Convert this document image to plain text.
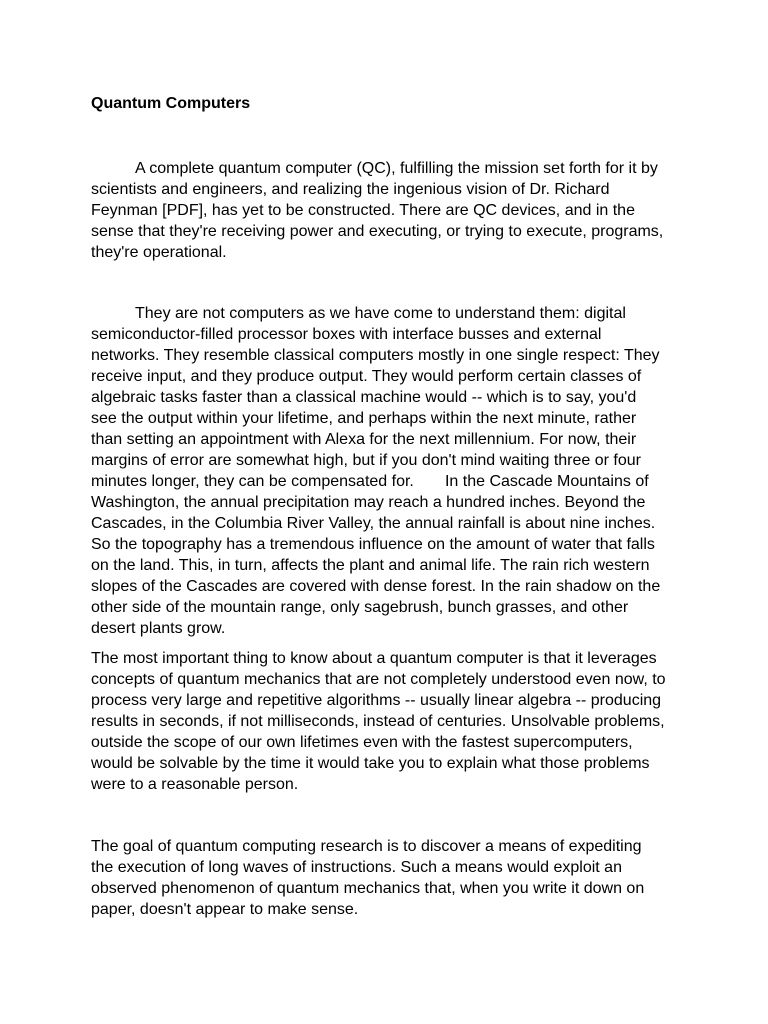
Quantum Computers

A complete quantum computer (QC), fulfilling the mission set forth for it by
scientists and engineers, and realizing the ingenious vision of Dr. Richard
Feynman [PDF], has yet to be constructed. There are QC devices, and in the
sense that they're receiving power and executing, or trying to execute, programs,
they're operational.

They are not computers as we have come to understand them: digital
semiconductor-filled processor boxes with interface busses and external
networks. They resemble classical computers mostly in one single respect: They
receive input, and they produce output. They would perform certain classes of
algebraic tasks faster than a classical machine would -- which is to say, you'd
see the output within your lifetime, and perhaps within the next minute, rather
than setting an appointment with Alexa for the next millennium. For now, their
margins of error are somewhat high, but if you don't mind waiting three or four
minutes longer, they can be compensated for.       In the Cascade Mountains of
Washington, the annual precipitation may reach a hundred inches. Beyond the
Cascades, in the Columbia River Valley, the annual rainfall is about nine inches.
So the topography has a tremendous influence on the amount of water that falls
on the land. This, in turn, affects the plant and animal life. The rain rich western
slopes of the Cascades are covered with dense forest. In the rain shadow on the
other side of the mountain range, only sagebrush, bunch grasses, and other
desert plants grow.

The most important thing to know about a quantum computer is that it leverages
concepts of quantum mechanics that are not completely understood even now, to
process very large and repetitive algorithms -- usually linear algebra -- producing
results in seconds, if not milliseconds, instead of centuries. Unsolvable problems,
outside the scope of our own lifetimes even with the fastest supercomputers,
would be solvable by the time it would take you to explain what those problems
were to a reasonable person.

The goal of quantum computing research is to discover a means of expediting
the execution of long waves of instructions. Such a means would exploit an
observed phenomenon of quantum mechanics that, when you write it down on
paper, doesn't appear to make sense.
